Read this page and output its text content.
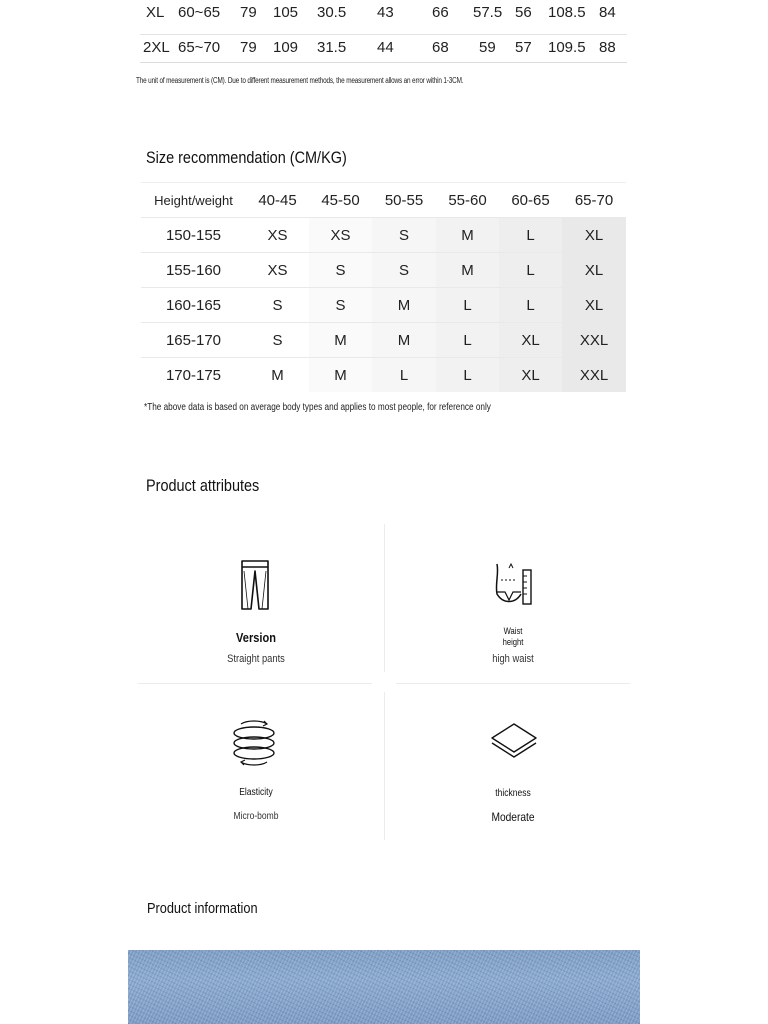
XL 60~65 79 105 30.5 43	66 57.5 56 108.5 84
2XL 65~70 79 109 31.5 44	68 59 57 109.5 88
The unit of measurement is (CM). Due to different measurement methods, the measurement allows an error within 1-3CM.
Size recommendation (CM/KG)
Height/weight	40-45	45-50	50-55	55-60	60-65	65-70
150-155	XS	XS	S	M	L	XL
155-160	XS	S	S	M	L	XL
160-165	S	S	M	L	L	XL
165-170	S	M	M	L	XL	XXL
170-175	M	M	L	L	XL	XXL
*The above data is based on average body types and applies to most people, for reference only
Product attributes
Version
Straight pants
Waist
height
high waist
Elasticity
Micro-bomb
thickness
Moderate
Product information
